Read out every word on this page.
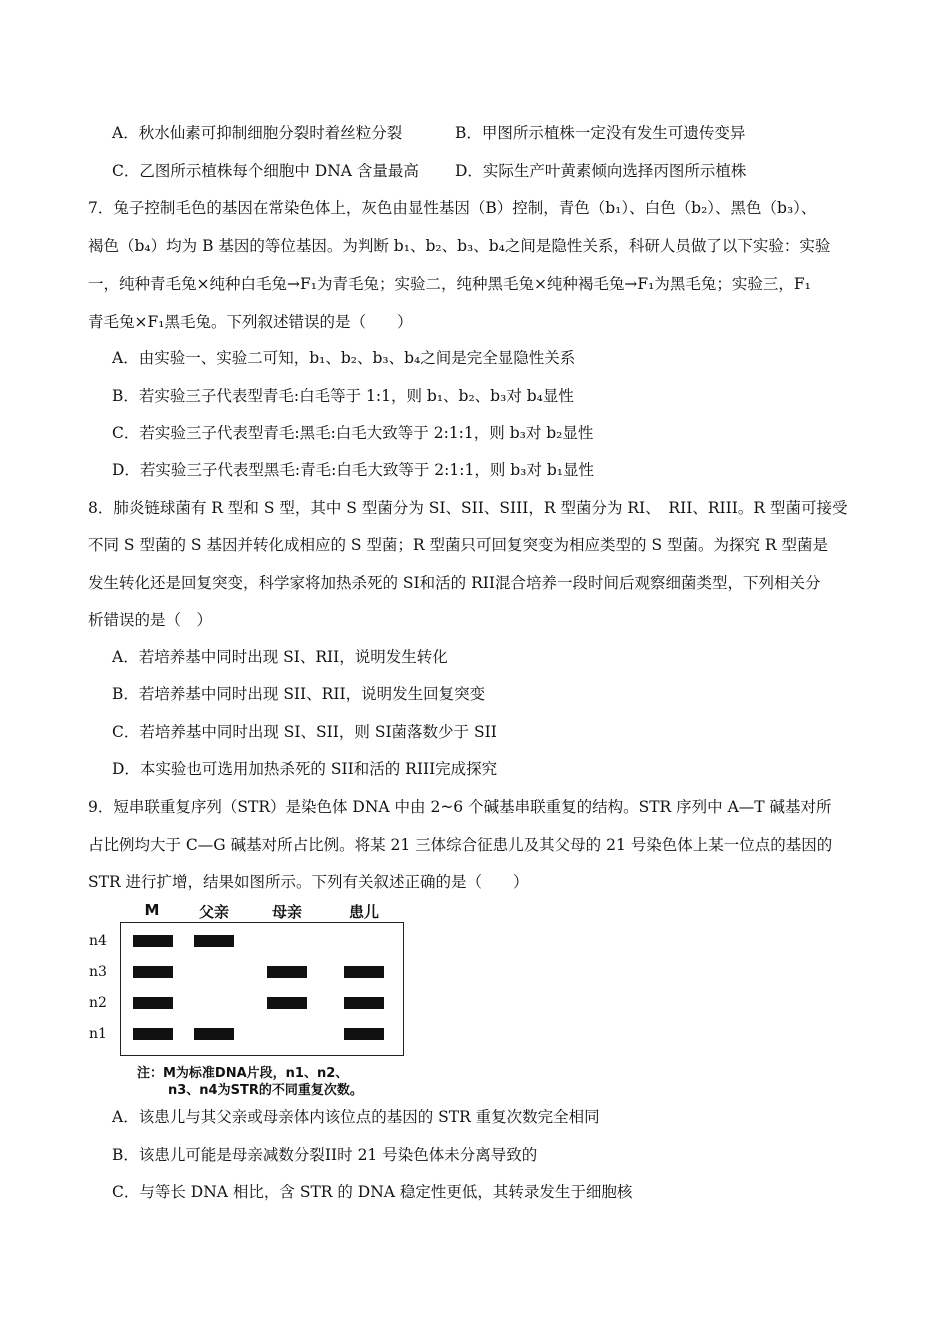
A．秋水仙素可抑制细胞分裂时着丝粒分裂	B．甲图所示植株一定没有发生可遗传变异
C．乙图所示植株每个细胞中 DNA 含量最高 D．实际生产叶黄素倾向选择丙图所示植株
7．兔子控制毛色的基因在常染色体上，灰色由显性基因（B）控制，青色（b₁）、白色（b₂）、黑色（b₃）、
褐色（b₄）均为 B 基因的等位基因。为判断 b₁、b₂、b₃、b₄之间是隐性关系，科研人员做了以下实验：实验
一，纯种青毛兔×纯种白毛兔→F₁为青毛兔；实验二，纯种黑毛兔×纯种褐毛兔→F₁为黑毛兔；实验三，F₁
青毛兔×F₁黑毛兔。下列叙述错误的是（　　）
A．由实验一、实验二可知，b₁、b₂、b₃、b₄之间是完全显隐性关系
B．若实验三子代表型青毛:白毛等于 1:1，则 b₁、b₂、b₃对 b₄显性
C．若实验三子代表型青毛:黑毛:白毛大致等于 2:1:1，则 b₃对 b₂显性
D．若实验三子代表型黑毛:青毛:白毛大致等于 2:1:1，则 b₃对 b₁显性
8．肺炎链球菌有 R 型和 S 型，其中 S 型菌分为 SI、SII、SIII，R 型菌分为 RI、　RII、RIII。R 型菌可接受
不同 S 型菌的 S 基因并转化成相应的 S 型菌；R 型菌只可回复突变为相应类型的 S 型菌。为探究 R 型菌是
发生转化还是回复突变，科学家将加热杀死的 SI和活的 RII混合培养一段时间后观察细菌类型，下列相关分
析错误的是（　）
A．若培养基中同时出现 SI、RII，说明发生转化
B．若培养基中同时出现 SII、RII，说明发生回复突变
C．若培养基中同时出现 SI、SII，则 SI菌落数少于 SII
D．本实验也可选用加热杀死的 SII和活的 RIII完成探究
9．短串联重复序列（STR）是染色体 DNA 中由 2~6 个碱基串联重复的结构。STR 序列中 A—T 碱基对所
占比例均大于 C—G 碱基对所占比例。将某 21 三体综合征患儿及其父母的 21 号染色体上某一位点的基因的
STR 进行扩增，结果如图所示。下列有关叙述正确的是（　　）
M	父亲	母亲	患儿
n4
n3
n2
n1
注：M为标准DNA片段，n1、n2、
n3、n4为STR的不同重复次数。
A．该患儿与其父亲或母亲体内该位点的基因的 STR 重复次数完全相同
B．该患儿可能是母亲减数分裂II时 21 号染色体未分离导致的
C．与等长 DNA 相比，含 STR 的 DNA 稳定性更低，其转录发生于细胞核
